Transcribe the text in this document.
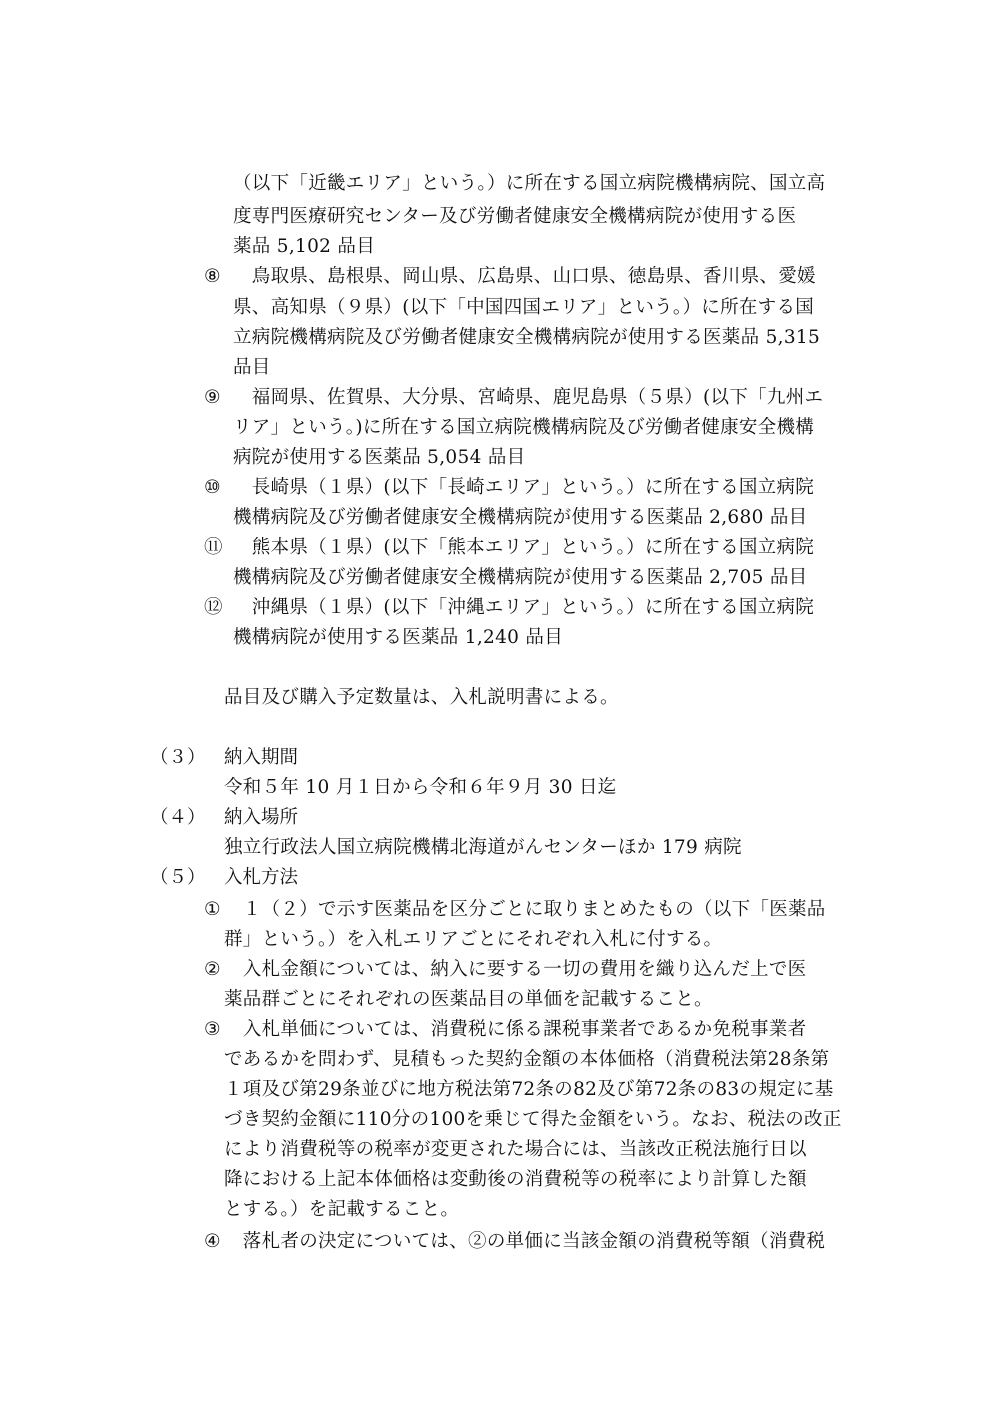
（以下「近畿エリア」という。）に所在する国立病院機構病院、国立高
度専門医療研究センター及び労働者健康安全機構病院が使用する医
薬品 5,102 品目
⑧ 　鳥取県、島根県、岡山県、広島県、山口県、徳島県、香川県、愛媛
県、高知県（９県）(以下「中国四国エリア」という。）に所在する国
立病院機構病院及び労働者健康安全機構病院が使用する医薬品 5,315
品目
⑨ 　福岡県、佐賀県、大分県、宮崎県、鹿児島県（５県）(以下「九州エ
リア」という。)に所在する国立病院機構病院及び労働者健康安全機構
病院が使用する医薬品 5,054 品目
⑩ 　長崎県（１県）(以下「長崎エリア」という。）に所在する国立病院
機構病院及び労働者健康安全機構病院が使用する医薬品 2,680 品目
⑪ 　熊本県（１県）(以下「熊本エリア」という。）に所在する国立病院
機構病院及び労働者健康安全機構病院が使用する医薬品 2,705 品目
⑫ 　沖縄県（１県）(以下「沖縄エリア」という。）に所在する国立病院
機構病院が使用する医薬品 1,240 品目
品目及び購入予定数量は、入札説明書による。
（３） 納入期間
令和５年 10 月１日から令和６年９月 30 日迄
（４） 納入場所
独立行政法人国立病院機構北海道がんセンターほか 179 病院
（５） 入札方法
① 　１（２）で示す医薬品を区分ごとに取りまとめたもの（以下「医薬品
群」という。）を入札エリアごとにそれぞれ入札に付する。
② 　入札金額については、納入に要する一切の費用を織り込んだ上で医
薬品群ごとにそれぞれの医薬品目の単価を記載すること。
③ 　入札単価については、消費税に係る課税事業者であるか免税事業者
であるかを問わず、見積もった契約金額の本体価格（消費税法第28条第
１項及び第29条並びに地方税法第72条の82及び第72条の83の規定に基
づき契約金額に110分の100を乗じて得た金額をいう。なお、税法の改正
により消費税等の税率が変更された場合には、当該改正税法施行日以
降における上記本体価格は変動後の消費税等の税率により計算した額
とする。）を記載すること。
④ 　落札者の決定については、②の単価に当該金額の消費税等額（消費税
